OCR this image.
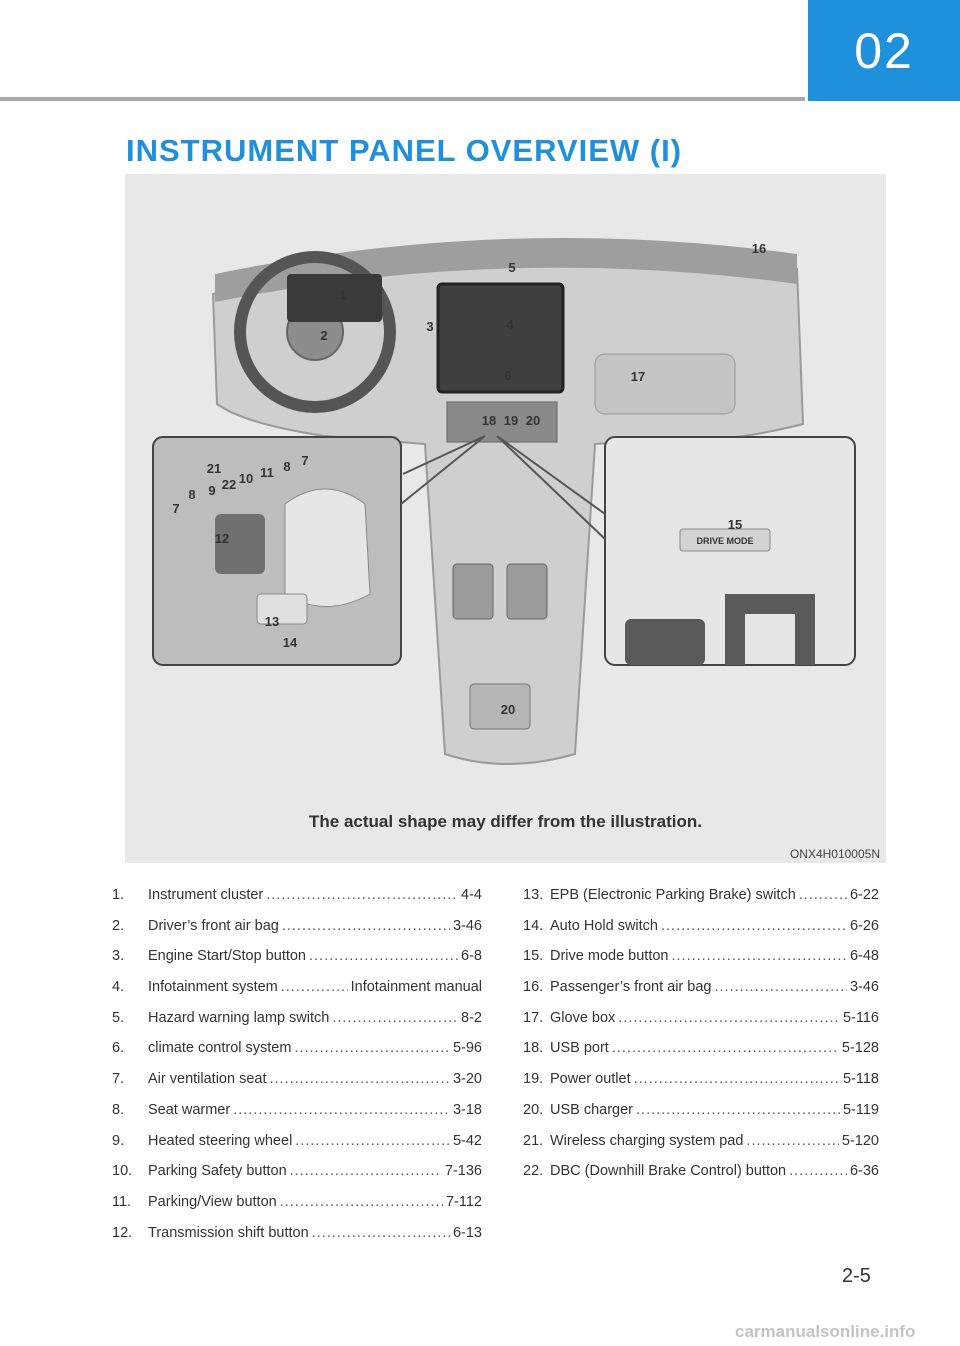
02
INSTRUMENT PANEL OVERVIEW (I)
DRIVE MODE
1
2
3	4
5
6
16
17
18 19 20
21
10 11 8 7
8 9 22
7
12
13
14
15
20
The actual shape may differ from the illustration.
ONX4H010005N
1.	Instrument cluster .....	4-4
2.	Driver’s front air bag .....	3-46
3.	Engine Start/Stop button .....	6-8
4.	Infotainment system .....	Infotainment manual
5.	Hazard warning lamp switch .....	8-2
6.	climate control system .....	5-96
7.	Air ventilation seat .....	3-20
8.	Seat warmer .....	3-18
9.	Heated steering wheel .....	5-42
10.	Parking Safety button .....	7-136
11.	Parking/View button .....	7-112
12.	Transmission shift button .....	6-13
13. EPB (Electronic Parking Brake) switch .....	6-22
14. Auto Hold switch .....	6-26
15. Drive mode button .....	6-48
16. Passenger’s front air bag .....	3-46
17. Glove box .....	5-116
18. USB port .....	5-128
19. Power outlet .....	5-118
20. USB charger .....	5-119
21. Wireless charging system pad .....	5-120
22. DBC (Downhill Brake Control) button .....	6-36
2-5
carmanualsonline.info
